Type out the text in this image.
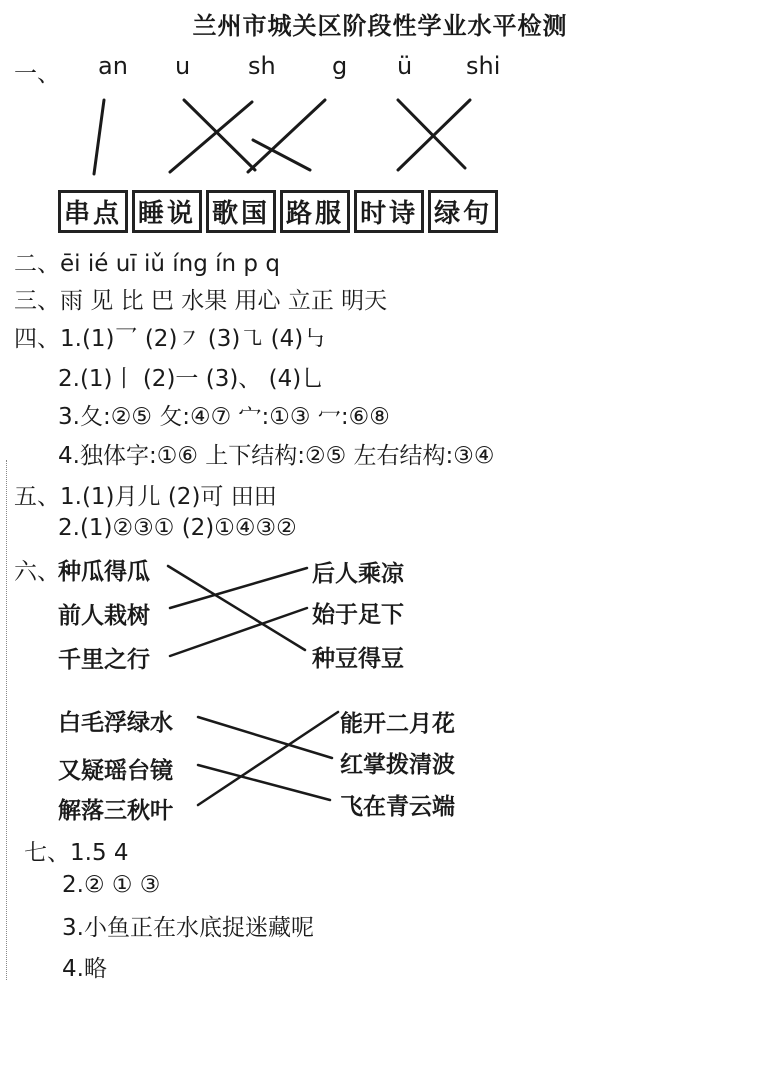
兰州市城关区阶段性学业水平检测
一、 an u sh g ü shi
串点 睡说 歌国 路服 时诗 绿句
二、ēi ié uī iǔ íng ín p q
三、雨 见 比 巴 水果 用心 立正 明天
四、1.(1)乛 (2)㇇ (3)㇈ (4)㇉
2.(1)丨 (2)一 (3)、 (4)乚
3.夂:②⑤ 攵:④⑦ 宀:①③ 冖:⑥⑧
4.独体字:①⑥ 上下结构:②⑤ 左右结构:③④
五、1.(1)月儿 (2)可 田田
2.(1)②③① (2)①④③②
六、
种瓜得瓜
前人栽树
千里之行
后人乘凉
始于足下
种豆得豆
白毛浮绿水
又疑瑶台镜
解落三秋叶
能开二月花
红掌拨清波
飞在青云端
七、1.5 4
2.② ① ③
3.小鱼正在水底捉迷藏呢
4.略
